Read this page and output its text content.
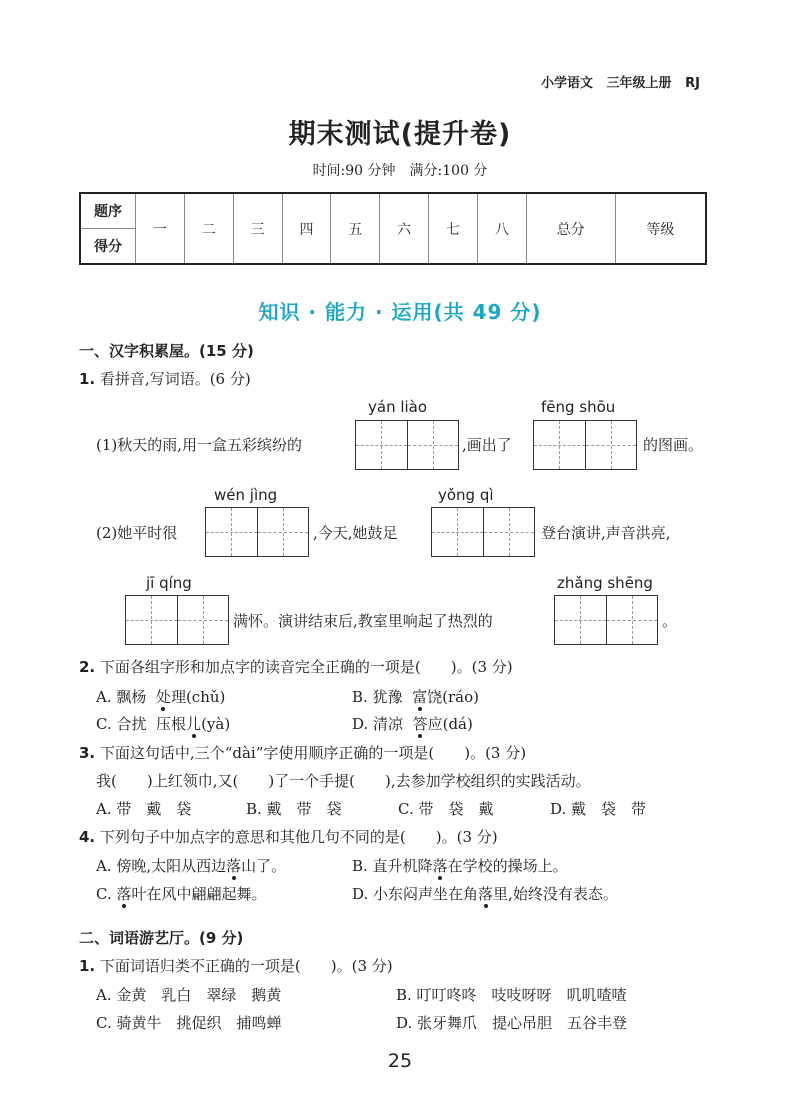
小学语文 三年级上册 RJ
期末测试(提升卷)
时间:90 分钟　满分:100 分
题序	一	二	三	四	五	六	七	八	总分	等级
得分
知识 · 能力 · 运用(共 49 分)
一、汉字积累屋。(15 分)
1. 看拼音,写词语。(6 分)
yán liào	fēng shōu
(1)秋天的雨,用一盒五彩缤纷的	,画出了	的图画。
wén jìng	yǒng qì
(2)她平时很	,今天,她鼓足	登台演讲,声音洪亮,
jī qíng	zhǎng shēng
满怀。演讲结束后,教室里响起了热烈的	。
2. 下面各组字形和加点字的读音完全正确的一项是(　　)。(3 分)
A. 飘杨 处理(chǔ)	B. 犹豫 富饶(ráo)
C. 合扰 压根儿(yà)	D. 清凉 答应(dá)
3. 下面这句话中,三个“dài”字使用顺序正确的一项是(　　)。(3 分)
我(　　)上红领巾,又(　　)了一个手提(　　),去参加学校组织的实践活动。
A. 带　戴　袋	B. 戴　带　袋	C. 带　袋　戴	D. 戴　袋　带
4. 下列句子中加点字的意思和其他几句不同的是(　　)。(3 分)
A. 傍晚,太阳从西边落山了。	B. 直升机降落在学校的操场上。
C. 落叶在风中翩翩起舞。	D. 小东闷声坐在角落里,始终没有表态。
二、词语游艺厅。(9 分)
1. 下面词语归类不正确的一项是(　　)。(3 分)
A. 金黄　乳白　翠绿　鹅黄	B. 叮叮咚咚　吱吱呀呀　叽叽喳喳
C. 骑黄牛　挑促织　捕鸣蝉	D. 张牙舞爪　提心吊胆　五谷丰登
25
